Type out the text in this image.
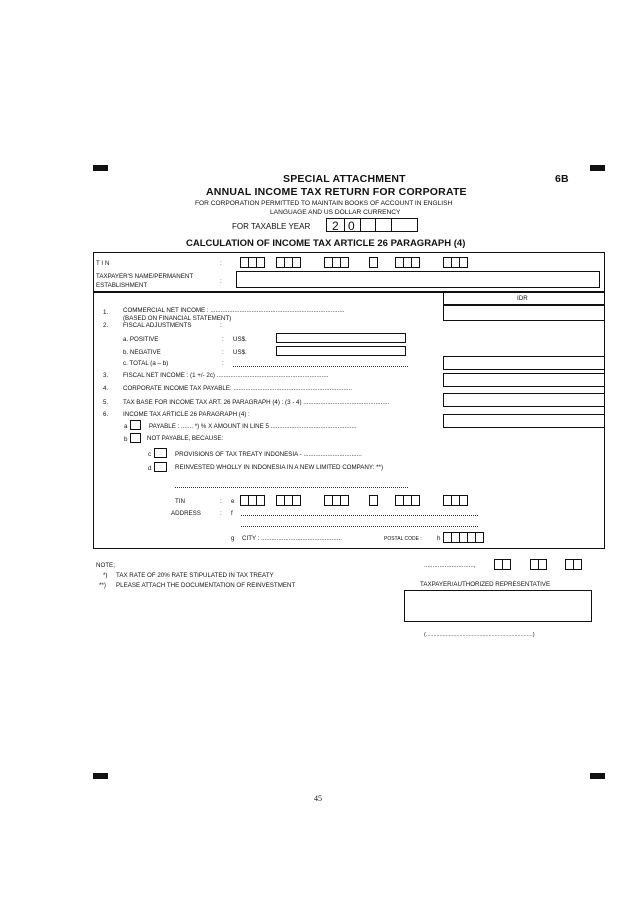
SPECIAL ATTACHMENT	6B
ANNUAL INCOME TAX RETURN FOR CORPORATE
FOR CORPORATION PERMITTED TO MAINTAIN BOOKS OF ACCOUNT IN ENGLISH
LANGUAGE AND US DOLLAR CURRENCY
FOR TAXABLE YEAR 2 0
CALCULATION OF INCOME TAX ARTICLE 26 PARAGRAPH (4)
T I N	:
TAXPAYER'S NAME/PERMANENT
ESTABLISHMENT
:
IDR
1. COMMERCIAL NET INCOME : ..............................................................................
(BASED ON FINANCIAL STATEMENT)
2. FISCAL ADJUSTMENTS	:
a. POSITIVE	: US$.
b. NEGATIVE	: US$.
c. TOTAL (a – b)	:
3. FISCAL NET INCOME : (1 +/- 2c) .................................................................
4. CORPORATE INCOME TAX PAYABLE: .....................................................................
5. TAX BASE FOR INCOME TAX ART. 26 PARAGRAPH (4) : (3 - 4) ..................................................
6. INCOME TAX ARTICLE 26 PARAGRAPH (4) :
a	PAYABLE : ....... *) % X AMOUNT IN LINE 5 ..................................................
b	NOT PAYABLE, BECAUSE:
c	PROVISIONS OF TAX TREATY INDONESIA - ..................................
d	REINVESTED WHOLLY IN INDONESIA IN A NEW LIMITED COMPANY: **)
TIN	: e
ADDRESS	: f
g CITY : ...............................................	POSTAL CODE : h
NOTE;
*) TAX RATE OF 20% RATE STIPULATED IN TAX TREATY
**) PLEASE ATTACH THE DOCUMENTATION OF REINVESTMENT
.............................,
TAXPAYER/AUTHORIZED REPRESENTATIVE
(......................................................................)
45
